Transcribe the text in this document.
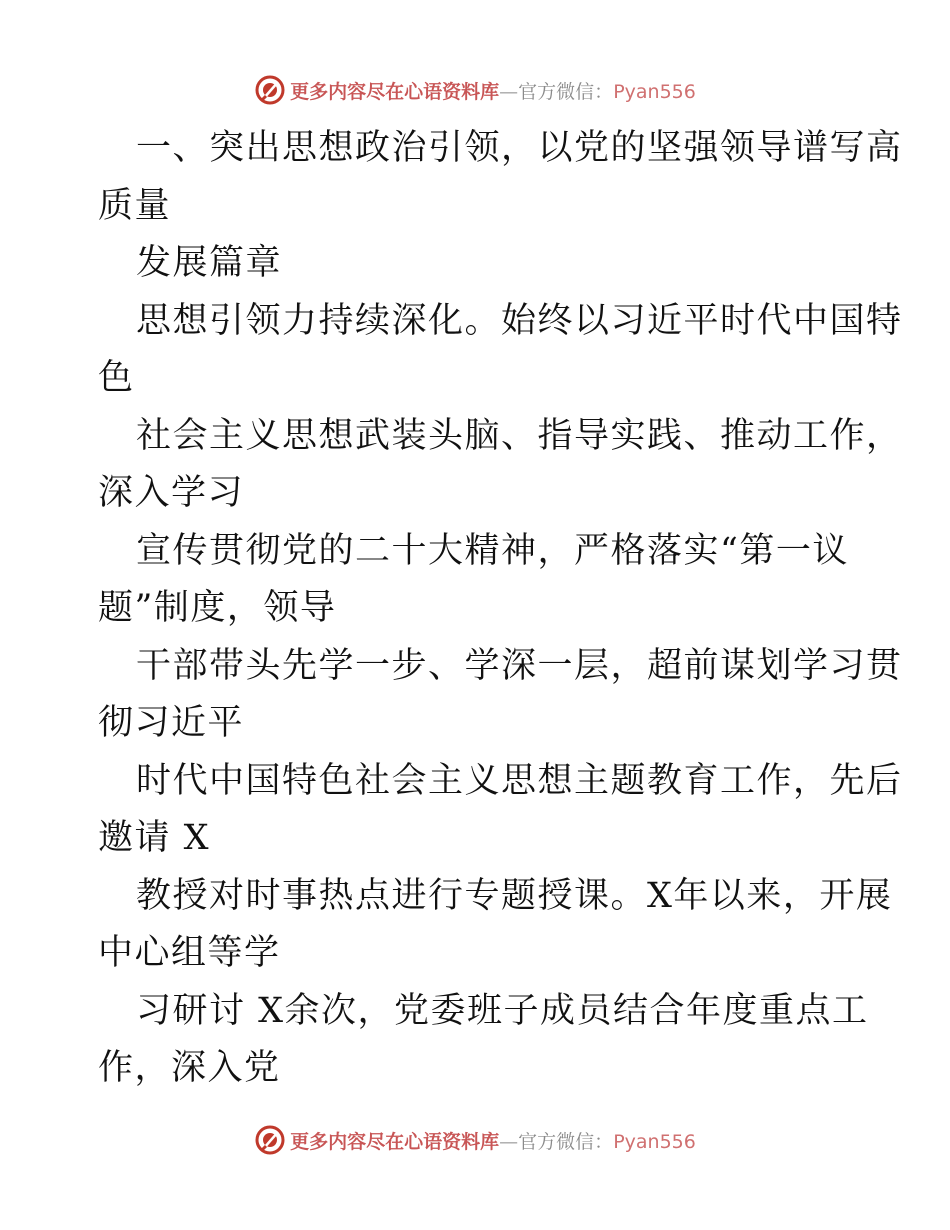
更多内容尽在心语资料库—官方微信：Pyan556
一、突出思想政治引领，以党的坚强领导谱写高
质量
发展篇章
思想引领力持续深化。始终以习近平时代中国特
色
社会主义思想武装头脑、指导实践、推动工作，
深入学习
宣传贯彻党的二十大精神，严格落实“第一议
题”制度，领导
干部带头先学一步、学深一层，超前谋划学习贯
彻习近平
时代中国特色社会主义思想主题教育工作，先后
邀请 X
教授对时事热点进行专题授课。X年以来，开展
中心组等学
习研讨 X余次，党委班子成员结合年度重点工
作，深入党
更多内容尽在心语资料库—官方微信：Pyan556
